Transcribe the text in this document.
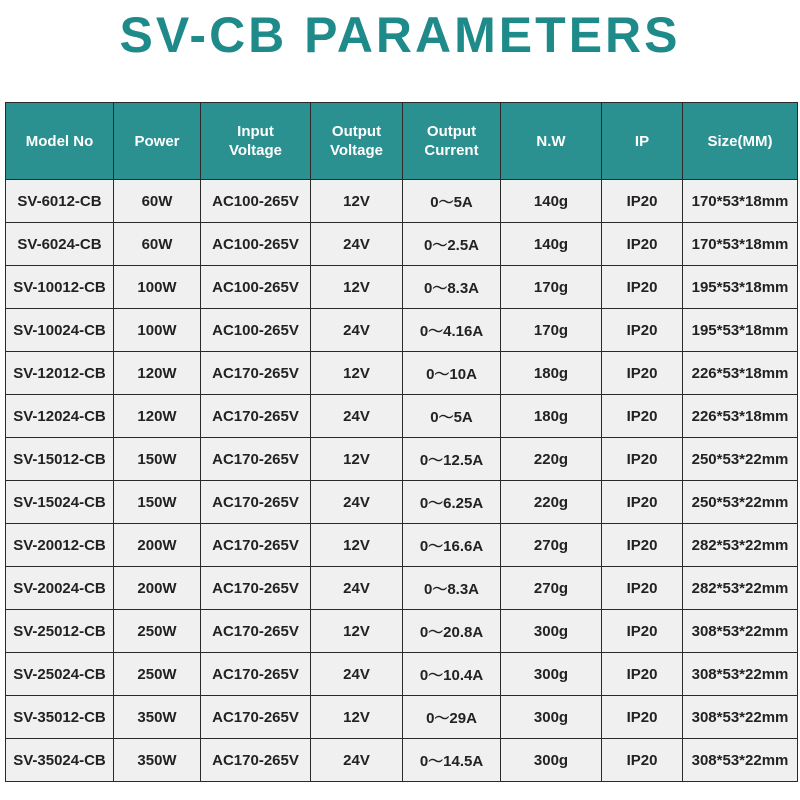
SV-CB PARAMETERS
Model No	Power	Input Voltage	Output Voltage	Output Current	N.W	IP	Size(MM)
SV-6012-CB	60W	AC100-265V	12V	0～5A	140g	IP20	170*53*18mm
SV-6024-CB	60W	AC100-265V	24V	0～2.5A	140g	IP20	170*53*18mm
SV-10012-CB	100W	AC100-265V	12V	0～8.3A	170g	IP20	195*53*18mm
SV-10024-CB	100W	AC100-265V	24V	0～4.16A	170g	IP20	195*53*18mm
SV-12012-CB	120W	AC170-265V	12V	0～10A	180g	IP20	226*53*18mm
SV-12024-CB	120W	AC170-265V	24V	0～5A	180g	IP20	226*53*18mm
SV-15012-CB	150W	AC170-265V	12V	0～12.5A	220g	IP20	250*53*22mm
SV-15024-CB	150W	AC170-265V	24V	0～6.25A	220g	IP20	250*53*22mm
SV-20012-CB	200W	AC170-265V	12V	0～16.6A	270g	IP20	282*53*22mm
SV-20024-CB	200W	AC170-265V	24V	0～8.3A	270g	IP20	282*53*22mm
SV-25012-CB	250W	AC170-265V	12V	0～20.8A	300g	IP20	308*53*22mm
SV-25024-CB	250W	AC170-265V	24V	0～10.4A	300g	IP20	308*53*22mm
SV-35012-CB	350W	AC170-265V	12V	0～29A	300g	IP20	308*53*22mm
SV-35024-CB	350W	AC170-265V	24V	0～14.5A	300g	IP20	308*53*22mm
